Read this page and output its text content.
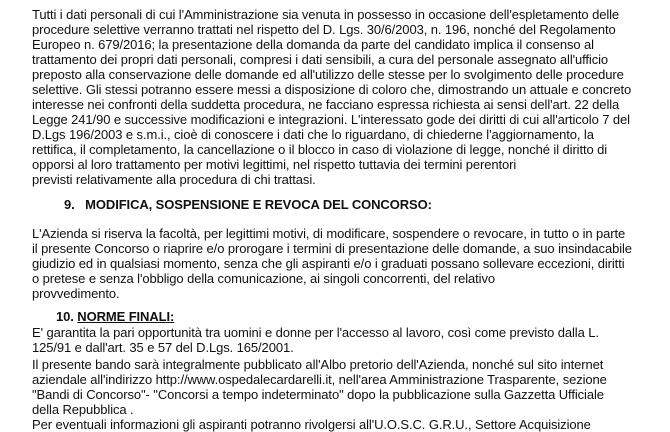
Tutti i dati personali di cui l'Amministrazione sia venuta in possesso in occasione dell'espletamento delle
procedure selettive verranno trattati nel rispetto del D. Lgs. 30/6/2003, n. 196, nonché del Regolamento
Europeo n. 679/2016; la presentazione della domanda da parte del candidato implica il consenso al
trattamento dei propri dati personali, compresi i dati sensibili, a cura del personale assegnato all'ufficio
preposto alla conservazione delle domande ed all'utilizzo delle stesse per lo svolgimento delle procedure
selettive. Gli stessi potranno essere messi a disposizione di coloro che, dimostrando un attuale e concreto
interesse nei confronti della suddetta procedura, ne facciano espressa richiesta ai sensi dell'art. 22 della
Legge 241/90 e successive modificazioni e integrazioni. L'interessato gode dei diritti di cui all'articolo 7 del
D.Lgs 196/2003 e s.m.i., cioè di conoscere i dati che lo riguardano, di chiederne l'aggiornamento, la
rettifica, il completamento, la cancellazione o il blocco in caso di violazione di legge, nonché il diritto di
opporsi al loro trattamento per motivi legittimi, nel rispetto tuttavia dei termini perentori
previsti relativamente alla procedura di chi trattasi.
9.   MODIFICA, SOSPENSIONE E REVOCA DEL CONCORSO:
L'Azienda si riserva la facoltà, per legittimi motivi, di modificare, sospendere o revocare, in tutto o in parte
il presente Concorso o riaprire e/o prorogare i termini di presentazione delle domande, a suo insindacabile
giudizio ed in qualsiasi momento, senza che gli aspiranti e/o i graduati possano sollevare eccezioni, diritti
o pretese e senza l'obbligo della comunicazione, ai singoli concorrenti, del relativo
provvedimento.
10. NORME FINALI:
E' garantita la pari opportunità tra uomini e donne per l'accesso al lavoro, così come previsto dalla L.
125/91 e dall'art. 35 e 57 del D.Lgs. 165/2001.
Il presente bando sarà integralmente pubblicato all'Albo pretorio dell'Azienda, nonché sul sito internet
aziendale all'indirizzo http://www.ospedalecardarelli.it, nell'area Amministrazione Trasparente, sezione
"Bandi di Concorso"- "Concorsi a tempo indeterminato" dopo la pubblicazione sulla Gazzetta Ufficiale
della Repubblica .
Per eventuali informazioni gli aspiranti potranno rivolgersi all'U.O.S.C. G.R.U., Settore Acquisizione
